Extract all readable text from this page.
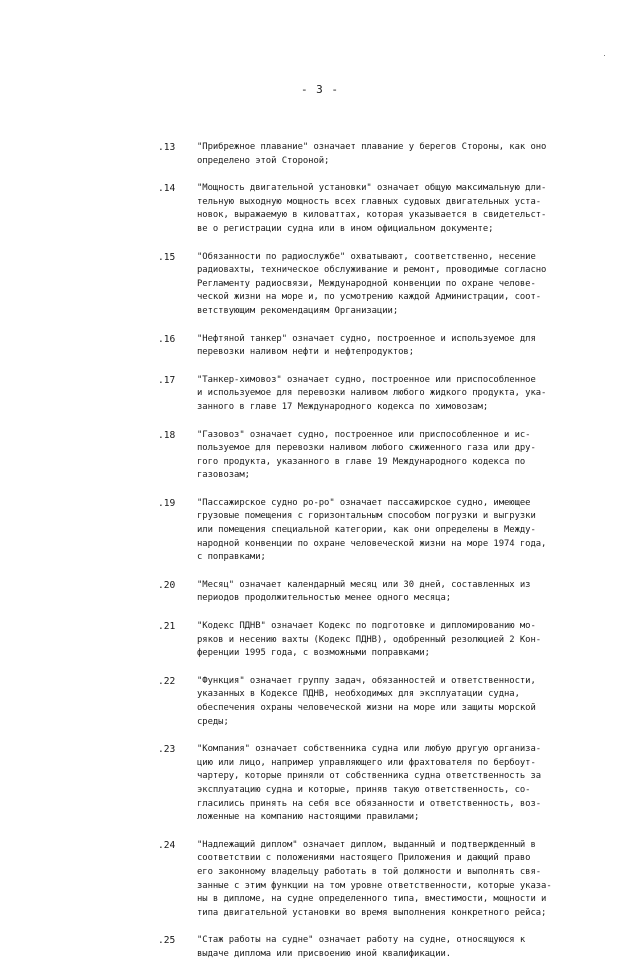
- 3 -
.13 "Прибрежное плавание" означает плавание у берегов Стороны, как оно
определено этой Стороной;
.14 "Мощность двигательной установки" означает общую максимальную дли-
тельную выходную мощность всех главных судовых двигательных уста-
новок, выражаемую в киловаттах, которая указывается в свидетельст-
ве о регистрации судна или в ином официальном документе;
.15 "Обязанности по радиослужбе" охватывают, соответственно, несение
радиовахты, техническое обслуживание и ремонт, проводимые согласно
Регламенту радиосвязи, Международной конвенции по охране челове-
ческой жизни на море и, по усмотрению каждой Администрации, соот-
ветствующим рекомендациям Организации;
.16 "Нефтяной танкер" означает судно, построенное и используемое для
перевозки наливом нефти и нефтепродуктов;
.17 "Танкер-химовоз" означает судно, построенное или приспособленное
и используемое для перевозки наливом любого жидкого продукта, ука-
занного в главе 17 Международного кодекса по химовозам;
.18 "Газовоз" означает судно, построенное или приспособленное и ис-
пользуемое для перевозки наливом любого сжиженного газа или дру-
гого продукта, указанного в главе 19 Международного кодекса по
газовозам;
.19 "Пассажирское судно ро-ро" означает пассажирское судно, имеющее
грузовые помещения с горизонтальным способом погрузки и выгрузки
или помещения специальной категории, как они определены в Между-
народной конвенции по охране человеческой жизни на море 1974 года,
с поправками;
.20 "Месяц" означает календарный месяц или 30 дней, составленных из
периодов продолжительностью менее одного месяца;
.21 "Кодекс ПДНВ" означает Кодекс по подготовке и дипломированию мо-
ряков и несению вахты (Кодекс ПДНВ), одобренный резолюцией 2 Кон-
ференции 1995 года, с возможными поправками;
.22 "Функция" означает группу задач, обязанностей и ответственности,
указанных в Кодексе ПДНВ, необходимых для эксплуатации судна,
обеспечения охраны человеческой жизни на море или защиты морской
среды;
.23 "Компания" означает собственника судна или любую другую организа-
цию или лицо, например управляющего или фрахтователя по бербоут-
чартеру, которые приняли от собственника судна ответственность за
эксплуатацию судна и которые, приняв такую ответственность, со-
гласились принять на себя все обязанности и ответственность, воз-
ложенные на компанию настоящими правилами;
.24 "Надлежащий диплом" означает диплом, выданный и подтвержденный в
соответствии с положениями настоящего Приложения и дающий право
его законному владельцу работать в той должности и выполнять свя-
занные с этим функции на том уровне ответственности, которые указа-
ны в дипломе, на судне определенного типа, вместимости, мощности и
типа двигательной установки во время выполнения конкретного рейса;
.25 "Стаж работы на судне" означает работу на судне, относящуюся к
выдаче диплома или присвоению иной квалификации.
